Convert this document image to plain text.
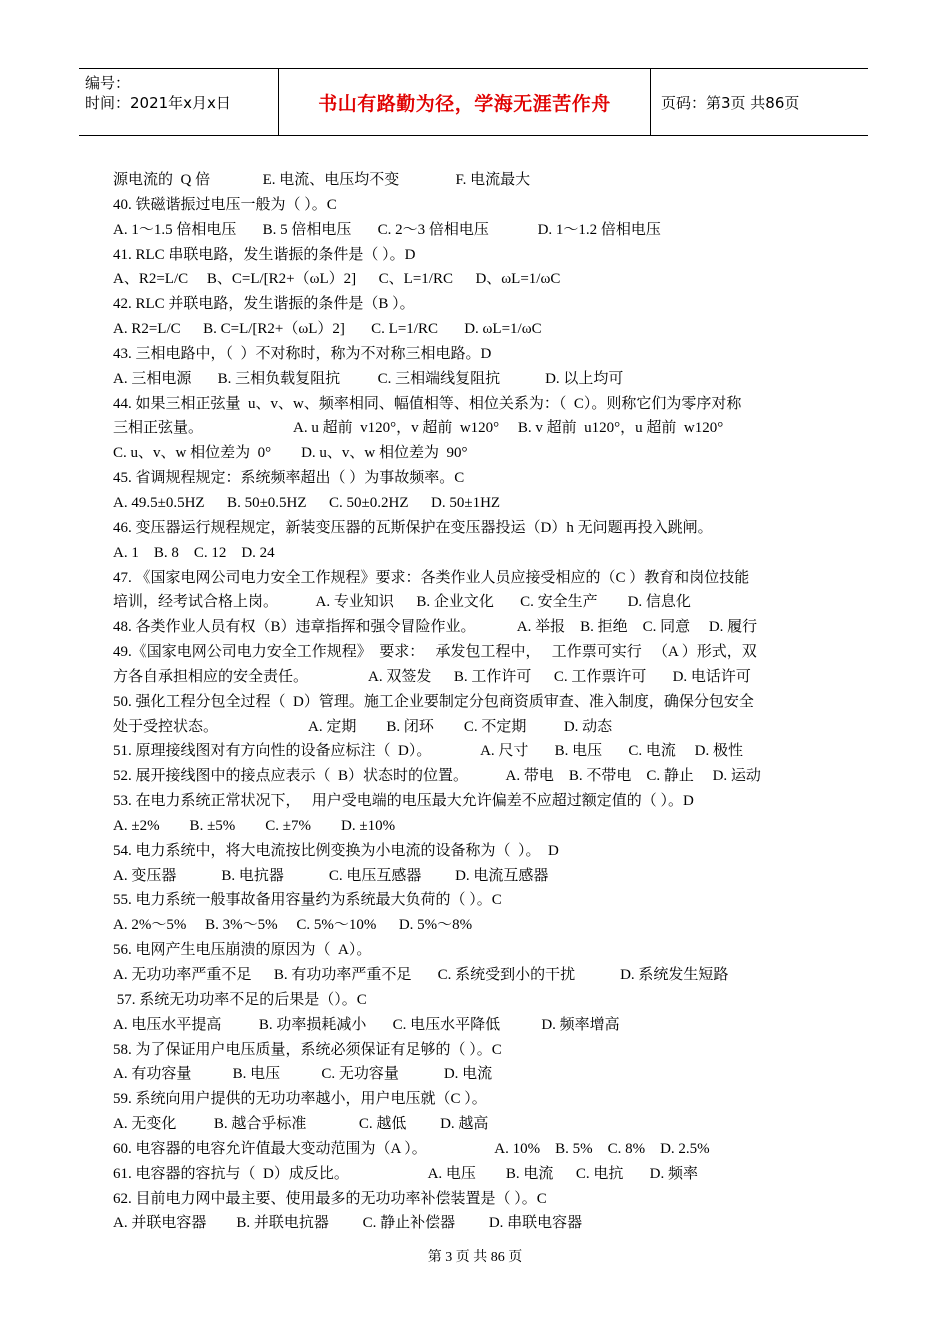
编号：
时间：2021年x月x日	书山有路勤为径，学海无涯苦作舟	页码：第3页 共86页
源电流的  Q 倍              E. 电流、电压均不变               F. 电流最大
40. 铁磁谐振过电压一般为（ ）。C
A. 1～1.5 倍相电压       B. 5 倍相电压       C. 2～3 倍相电压             D. 1～1.2 倍相电压
41. RLC 串联电路，发生谐振的条件是（ ）。D
A、R2=L/C     B、C=L/[R2+（ωL）2]      C、L=1/RC      D、ωL=1/ωC
42. RLC 并联电路，发生谐振的条件是（B ）。
A. R2=L/C      B. C=L/[R2+（ωL）2]       C. L=1/RC       D. ωL=1/ωC
43. 三相电路中，（  ）不对称时，称为不对称三相电路。D
A. 三相电源       B. 三相负载复阻抗          C. 三相端线复阻抗            D. 以上均可
44. 如果三相正弦量  u、v、w、频率相同、幅值相等、相位关系为：（  C）。则称它们为零序对称
三相正弦量。                        A. u 超前  v120°，v 超前  w120°     B. v 超前  u120°，u 超前  w120°
C. u、v、w 相位差为  0°        D. u、v、w 相位差为  90°
45. 省调规程规定：系统频率超出（ ）为事故频率。C
A. 49.5±0.5HZ      B. 50±0.5HZ      C. 50±0.2HZ      D. 50±1HZ
46. 变压器运行规程规定，新装变压器的瓦斯保护在变压器投运（D）h 无问题再投入跳闸。
A. 1    B. 8    C. 12    D. 24
47. 《国家电网公司电力安全工作规程》要求：各类作业人员应接受相应的（C ）教育和岗位技能
培训，经考试合格上岗。          A. 专业知识      B. 企业文化       C. 安全生产        D. 信息化
48. 各类作业人员有权（B）违章指挥和强令冒险作业。           A. 举报    B. 拒绝    C. 同意     D. 履行
49.《国家电网公司电力安全工作规程》  要求：   承发包工程中，   工作票可实行   （A ）形式，双
方各自承担相应的安全责任。                A. 双签发      B. 工作许可      C. 工作票许可       D. 电话许可
50. 强化工程分包全过程（  D）管理。施工企业要制定分包商资质审查、准入制度，确保分包安全
处于受控状态。                        A. 定期        B. 闭环        C. 不定期          D. 动态
51. 原理接线图对有方向性的设备应标注（  D）。             A. 尺寸       B. 电压       C. 电流     D. 极性
52. 展开接线图中的接点应表示（  B）状态时的位置。          A. 带电    B. 不带电    C. 静止     D. 运动
53. 在电力系统正常状况下，   用户受电端的电压最大允许偏差不应超过额定值的（ ）。D
A. ±2%        B. ±5%        C. ±7%        D. ±10%
54. 电力系统中，将大电流按比例变换为小电流的设备称为（  ）。  D
A. 变压器            B. 电抗器            C. 电压互感器         D. 电流互感器
55. 电力系统一般事故备用容量约为系统最大负荷的（ ）。C
A. 2%～5%     B. 3%～5%     C. 5%～10%      D. 5%～8%
56. 电网产生电压崩溃的原因为（  A）。
A. 无功功率严重不足      B. 有功功率严重不足       C. 系统受到小的干扰            D. 系统发生短路
57. 系统无功功率不足的后果是（）。C
A. 电压水平提高          B. 功率损耗减小       C. 电压水平降低           D. 频率增高
58. 为了保证用户电压质量，系统必须保证有足够的（ ）。C
A. 有功容量           B. 电压           C. 无功容量            D. 电流
59. 系统向用户提供的无功功率越小，用户电压就（C ）。
A. 无变化          B. 越合乎标准              C. 越低         D. 越高
60. 电容器的电容允许值最大变动范围为（A ）。                  A. 10%    B. 5%    C. 8%    D. 2.5%
61. 电容器的容抗与（  D）成反比。                     A. 电压        B. 电流      C. 电抗       D. 频率
62. 目前电力网中最主要、使用最多的无功功率补偿装置是（ ）。C
A. 并联电容器        B. 并联电抗器         C. 静止补偿器         D. 串联电容器
第 3 页 共 86 页
